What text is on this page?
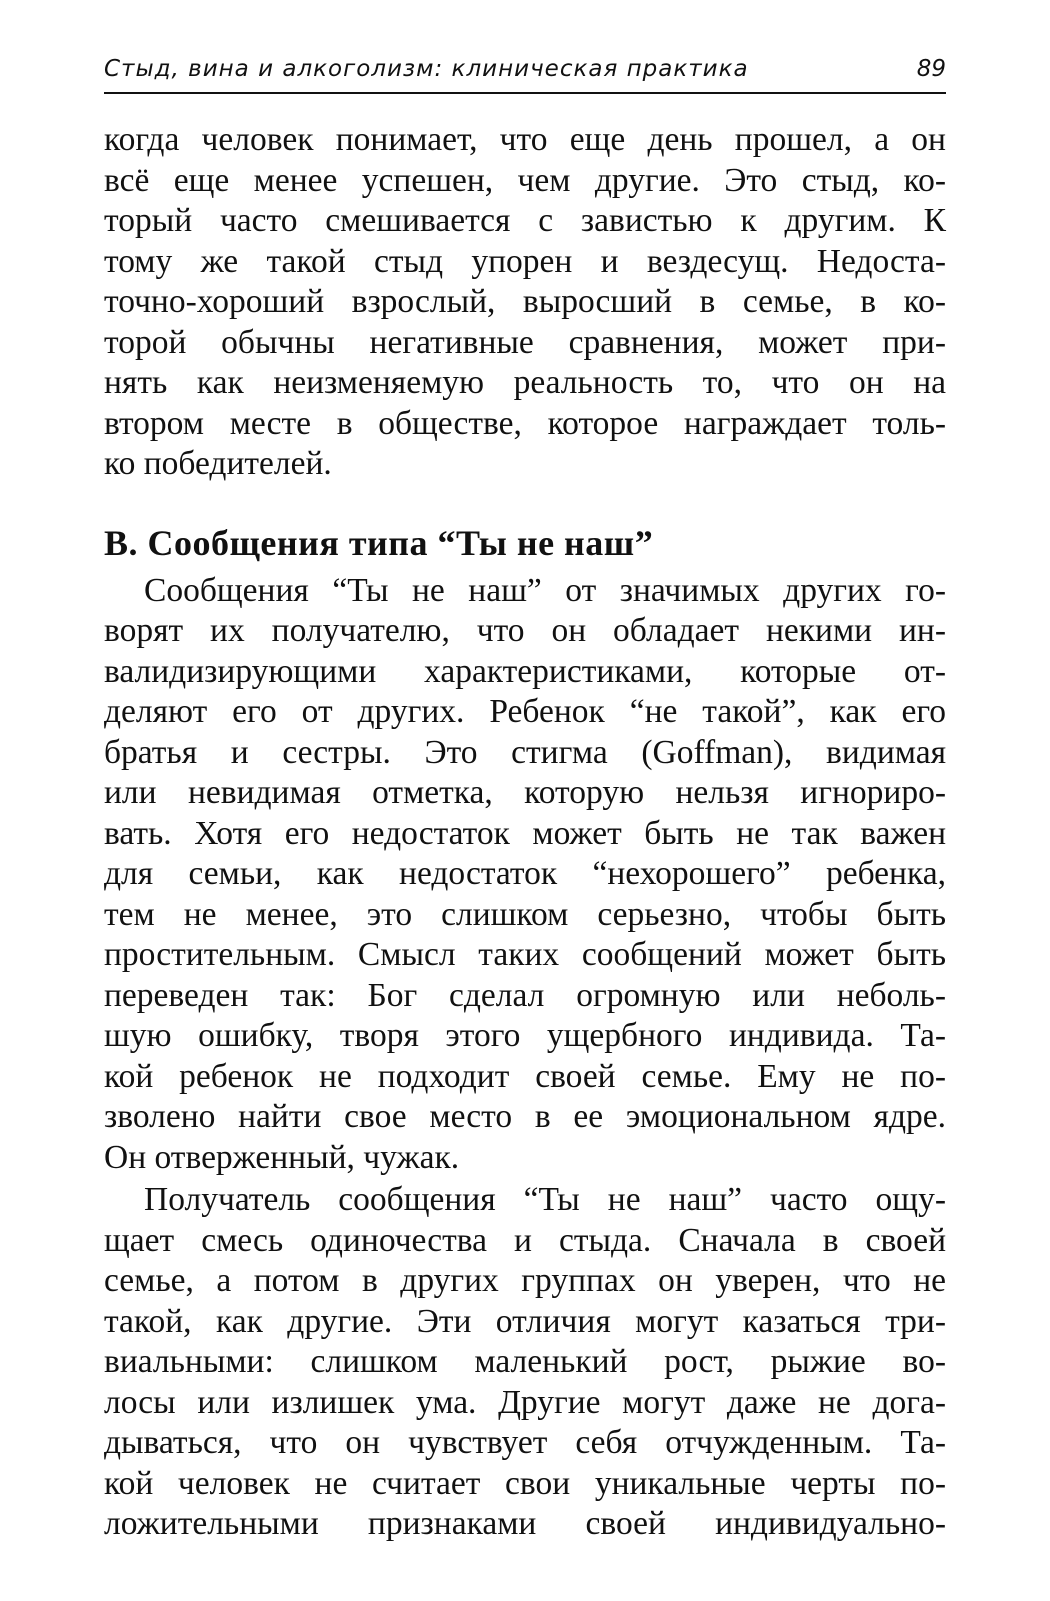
Стыд, вина и алкоголизм: клиническая практика	89
когда человек понимает, что еще день прошел, а он
всё еще менее успешен, чем другие. Это стыд, ко-
торый часто смешивается с завистью к другим. К
тому же такой стыд упорен и вездесущ. Недоста-
точно-хороший взрослый, выросший в семье, в ко-
торой обычны негативные сравнения, может при-
нять как неизменяемую реальность то, что он на
втором месте в обществе, которое награждает толь-
ко победителей.
B. Сообщения типа “Ты не наш”
Сообщения “Ты не наш” от значимых других го-
ворят их получателю, что он обладает некими ин-
валидизирующими характеристиками, которые от-
деляют его от других. Ребенок “не такой”, как его
братья и сестры. Это стигма (Goffman), видимая
или невидимая отметка, которую нельзя игнориро-
вать. Хотя его недостаток может быть не так важен
для семьи, как недостаток “нехорошего” ребенка,
тем не менее, это слишком серьезно, чтобы быть
простительным. Смысл таких сообщений может быть
переведен так: Бог сделал огромную или неболь-
шую ошибку, творя этого ущербного индивида. Та-
кой ребенок не подходит своей семье. Ему не по-
зволено найти свое место в ее эмоциональном ядре.
Он отверженный, чужак.
Получатель сообщения “Ты не наш” часто ощу-
щает смесь одиночества и стыда. Сначала в своей
семье, а потом в других группах он уверен, что не
такой, как другие. Эти отличия могут казаться три-
виальными: слишком маленький рост, рыжие во-
лосы или излишек ума. Другие могут даже не дога-
дываться, что он чувствует себя отчужденным. Та-
кой человек не считает свои уникальные черты по-
ложительными признаками своей индивидуально-
